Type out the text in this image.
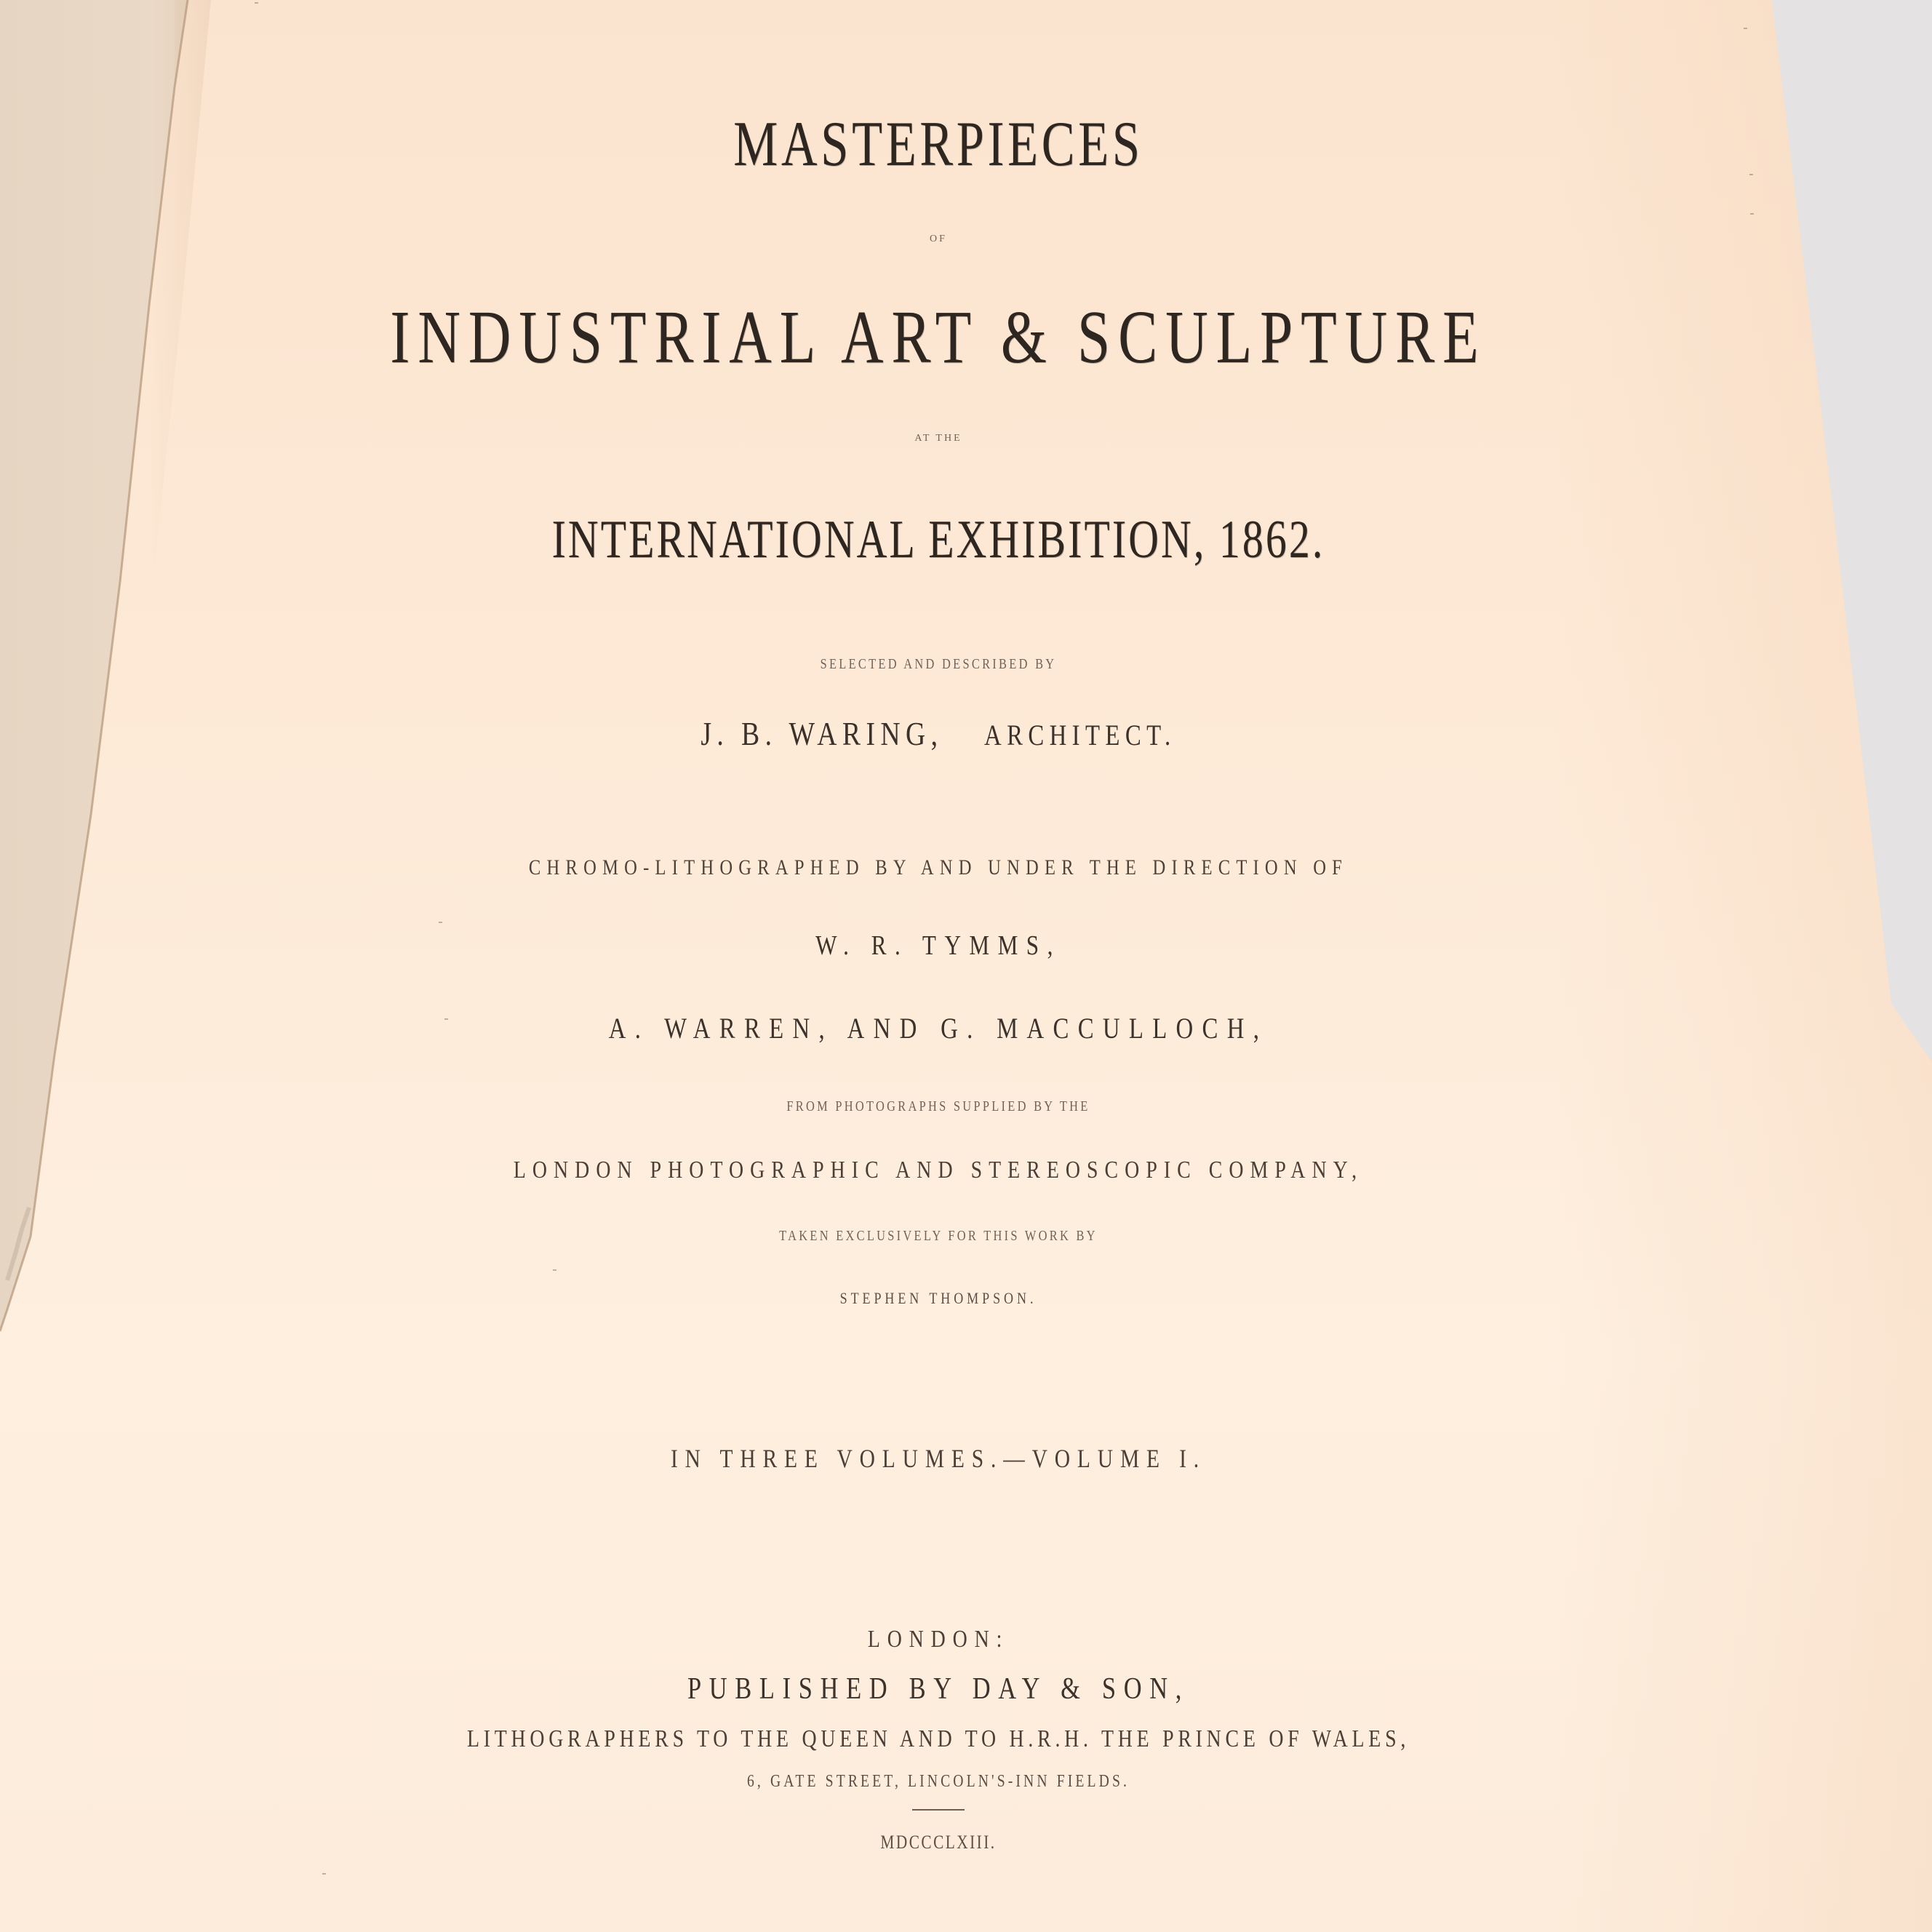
MASTERPIECES
OF
INDUSTRIAL ART & SCULPTURE
AT THE
INTERNATIONAL EXHIBITION, 1862.
SELECTED AND DESCRIBED BY
J. B. WARING, ARCHITECT.
CHROMO-LITHOGRAPHED BY AND UNDER THE DIRECTION OF
W. R. TYMMS,
A. WARREN, AND G. MACCULLOCH,
FROM PHOTOGRAPHS SUPPLIED BY THE
LONDON PHOTOGRAPHIC AND STEREOSCOPIC COMPANY,
TAKEN EXCLUSIVELY FOR THIS WORK BY
STEPHEN THOMPSON.
IN THREE VOLUMES.—VOLUME I.
LONDON:
PUBLISHED BY DAY & SON,
LITHOGRAPHERS TO THE QUEEN AND TO H.R.H. THE PRINCE OF WALES,
6, GATE STREET, LINCOLN'S-INN FIELDS.
MDCCCLXIII.
